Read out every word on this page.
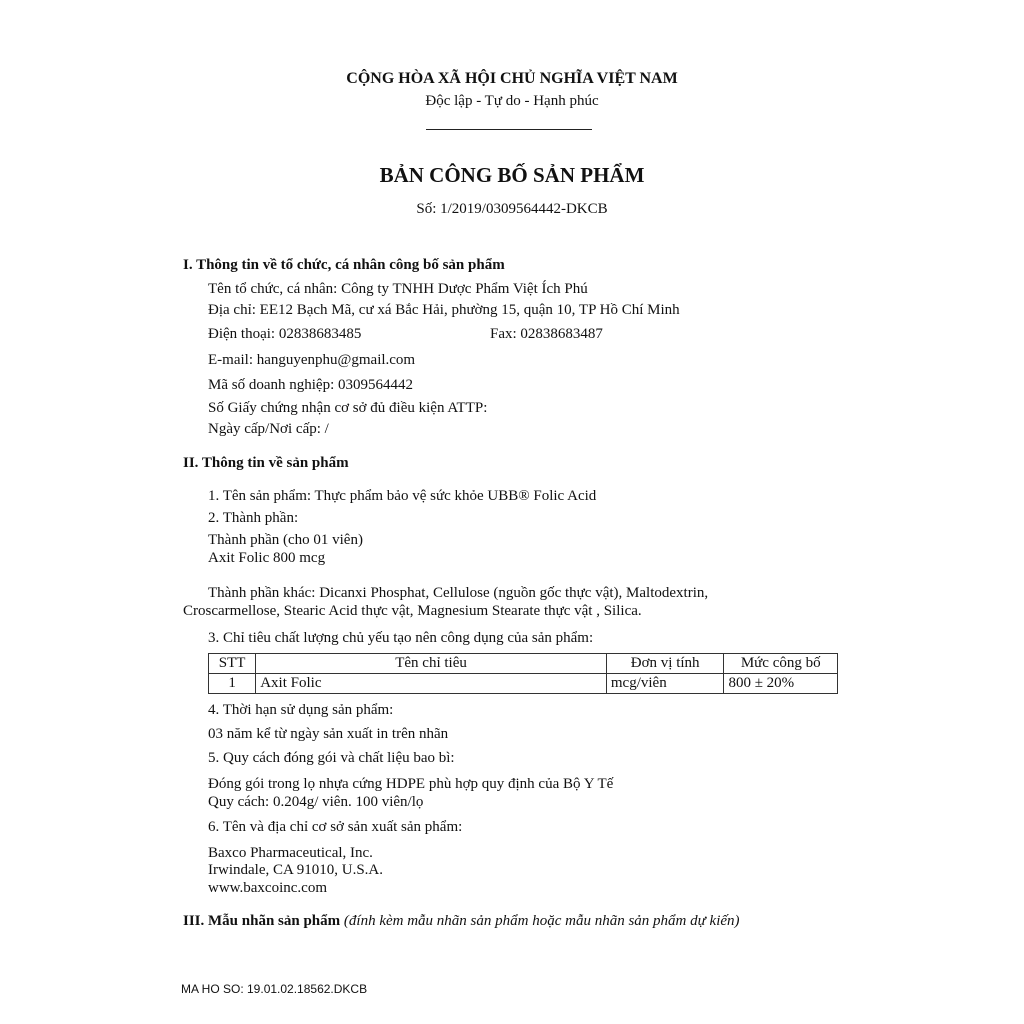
CỘNG HÒA XÃ HỘI CHỦ NGHĨA VIỆT NAM
Độc lập - Tự do - Hạnh phúc
BẢN CÔNG BỐ SẢN PHẨM
Số: 1/2019/0309564442-DKCB
I. Thông tin về tổ chức, cá nhân công bố sản phẩm
Tên tổ chức, cá nhân: Công ty TNHH Dược Phẩm Việt Ích Phú
Địa chỉ: EE12 Bạch Mã, cư xá Bắc Hải, phường 15, quận 10, TP Hồ Chí Minh
Điện thoại: 02838683485	Fax: 02838683487
E-mail: hanguyenphu@gmail.com
Mã số doanh nghiệp: 0309564442
Số Giấy chứng nhận cơ sở đủ điều kiện ATTP:
Ngày cấp/Nơi cấp: /
II. Thông tin về sản phẩm
1. Tên sản phẩm: Thực phẩm bảo vệ sức khỏe UBB® Folic Acid
2. Thành phần:
Thành phần (cho 01 viên)
Axit Folic 800 mcg
Thành phần khác: Dicanxi Phosphat, Cellulose (nguồn gốc thực vật), Maltodextrin,
Croscarmellose, Stearic Acid thực vật, Magnesium Stearate thực vật , Silica.
3. Chỉ tiêu chất lượng chủ yếu tạo nên công dụng của sản phẩm:
STT	Tên chỉ tiêu	Đơn vị tính	Mức công bố
1	Axit Folic	mcg/viên	800 ± 20%
4. Thời hạn sử dụng sản phẩm:
03 năm kể từ ngày sản xuất in trên nhãn
5. Quy cách đóng gói và chất liệu bao bì:
Đóng gói trong lọ nhựa cứng HDPE phù hợp quy định của Bộ Y Tế
Quy cách: 0.204g/ viên. 100 viên/lọ
6. Tên và địa chỉ cơ sở sản xuất sản phẩm:
Baxco Pharmaceutical, Inc.
Irwindale, CA 91010, U.S.A.
www.baxcoinc.com
III. Mẫu nhãn sản phẩm (đính kèm mẫu nhãn sản phẩm hoặc mẫu nhãn sản phẩm dự kiến)
MA HO SO: 19.01.02.18562.DKCB
